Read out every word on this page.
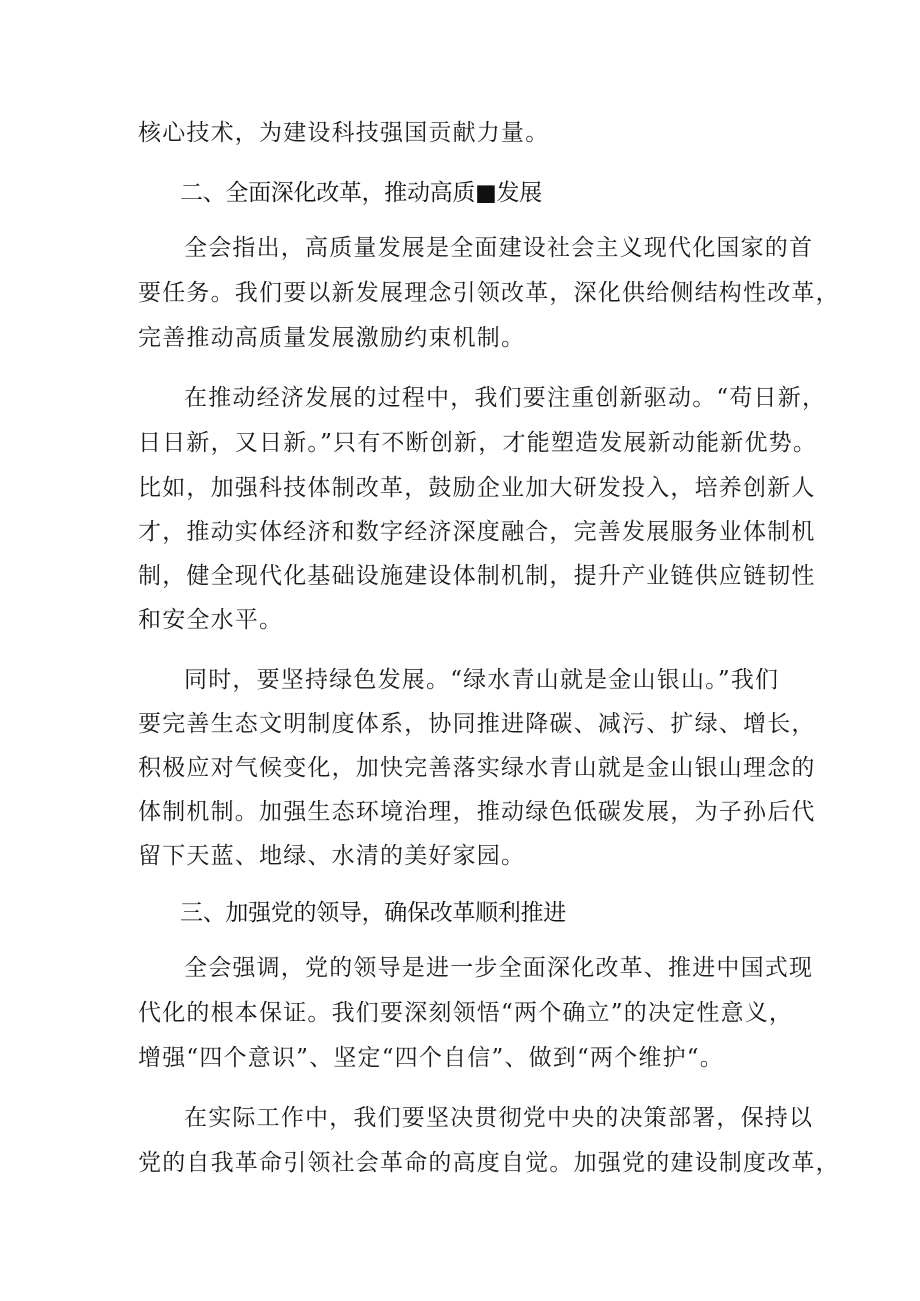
核心技术，为建设科技强国贡献力量。
二、全面深化改革，推动高质■发展
全会指出，高质量发展是全面建设社会主义现代化国家的首
要任务。我们要以新发展理念引领改革，深化供给侧结构性改革，
完善推动高质量发展激励约束机制。
在推动经济发展的过程中，我们要注重创新驱动。“苟日新，
日日新，又日新。”只有不断创新，才能塑造发展新动能新优势。
比如，加强科技体制改革，鼓励企业加大研发投入，培养创新人
才，推动实体经济和数字经济深度融合，完善发展服务业体制机
制，健全现代化基础设施建设体制机制，提升产业链供应链韧性
和安全水平。
同时，要坚持绿色发展。“绿水青山就是金山银山。”我们
要完善生态文明制度体系，协同推进降碳、减污、扩绿、增长，
积极应对气候变化，加快完善落实绿水青山就是金山银山理念的
体制机制。加强生态环境治理，推动绿色低碳发展，为子孙后代
留下天蓝、地绿、水清的美好家园。
三、加强党的领导，确保改革顺利推进
全会强调，党的领导是进一步全面深化改革、推进中国式现
代化的根本保证。我们要深刻领悟“两个确立”的决定性意义，
增强“四个意识”、坚定“四个自信”、做到“两个维护“。
在实际工作中，我们要坚决贯彻党中央的决策部署，保持以
党的自我革命引领社会革命的高度自觉。加强党的建设制度改革，
